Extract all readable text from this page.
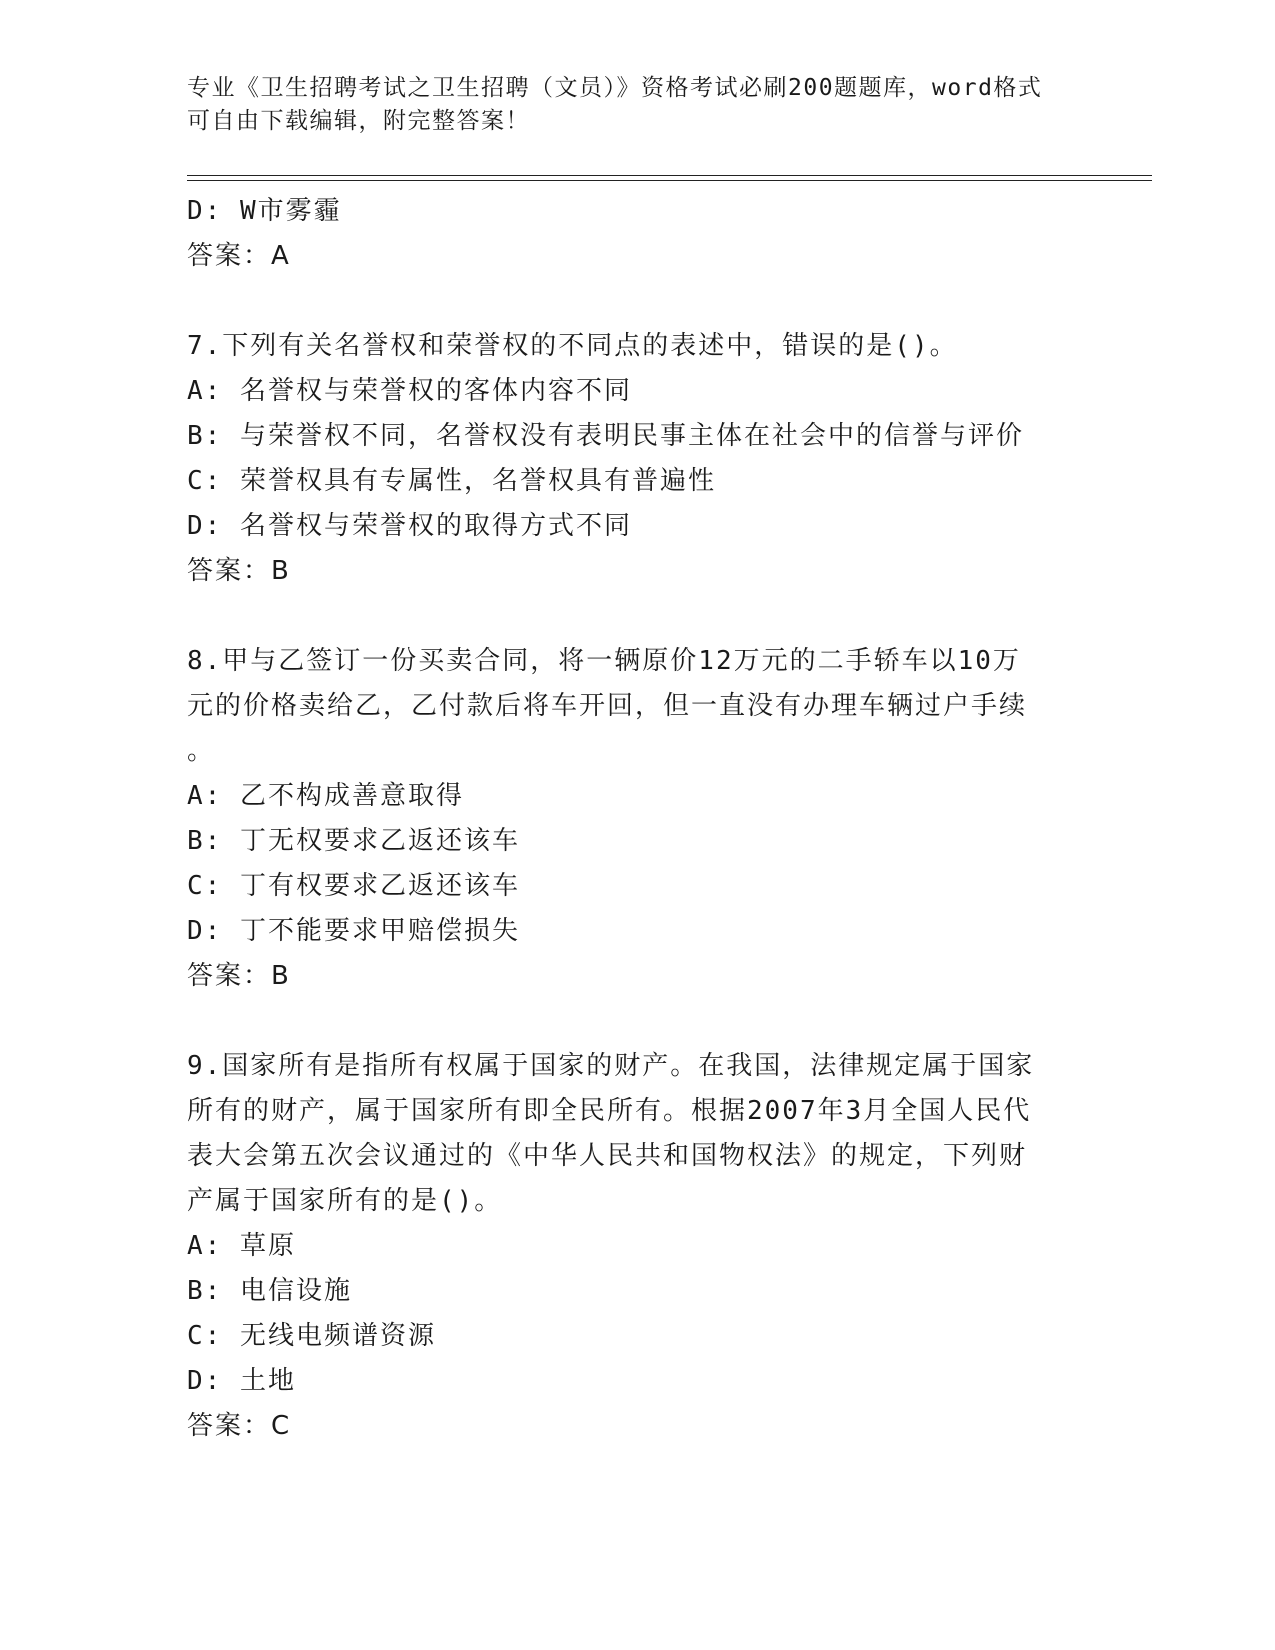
专业《卫生招聘考试之卫生招聘（文员）》资格考试必刷200题题库，word格式
可自由下载编辑，附完整答案！
D: W市雾霾
答案：A
7.下列有关名誉权和荣誉权的不同点的表述中，错误的是()。
A: 名誉权与荣誉权的客体内容不同
B: 与荣誉权不同，名誉权没有表明民事主体在社会中的信誉与评价
C: 荣誉权具有专属性，名誉权具有普遍性
D: 名誉权与荣誉权的取得方式不同
答案：B
8.甲与乙签订一份买卖合同，将一辆原价12万元的二手轿车以10万
元的价格卖给乙，乙付款后将车开回，但一直没有办理车辆过户手续
。
A: 乙不构成善意取得
B: 丁无权要求乙返还该车
C: 丁有权要求乙返还该车
D: 丁不能要求甲赔偿损失
答案：B
9.国家所有是指所有权属于国家的财产。在我国，法律规定属于国家
所有的财产，属于国家所有即全民所有。根据2007年3月全国人民代
表大会第五次会议通过的《中华人民共和国物权法》的规定，下列财
产属于国家所有的是()。
A: 草原
B: 电信设施
C: 无线电频谱资源
D: 土地
答案：C
